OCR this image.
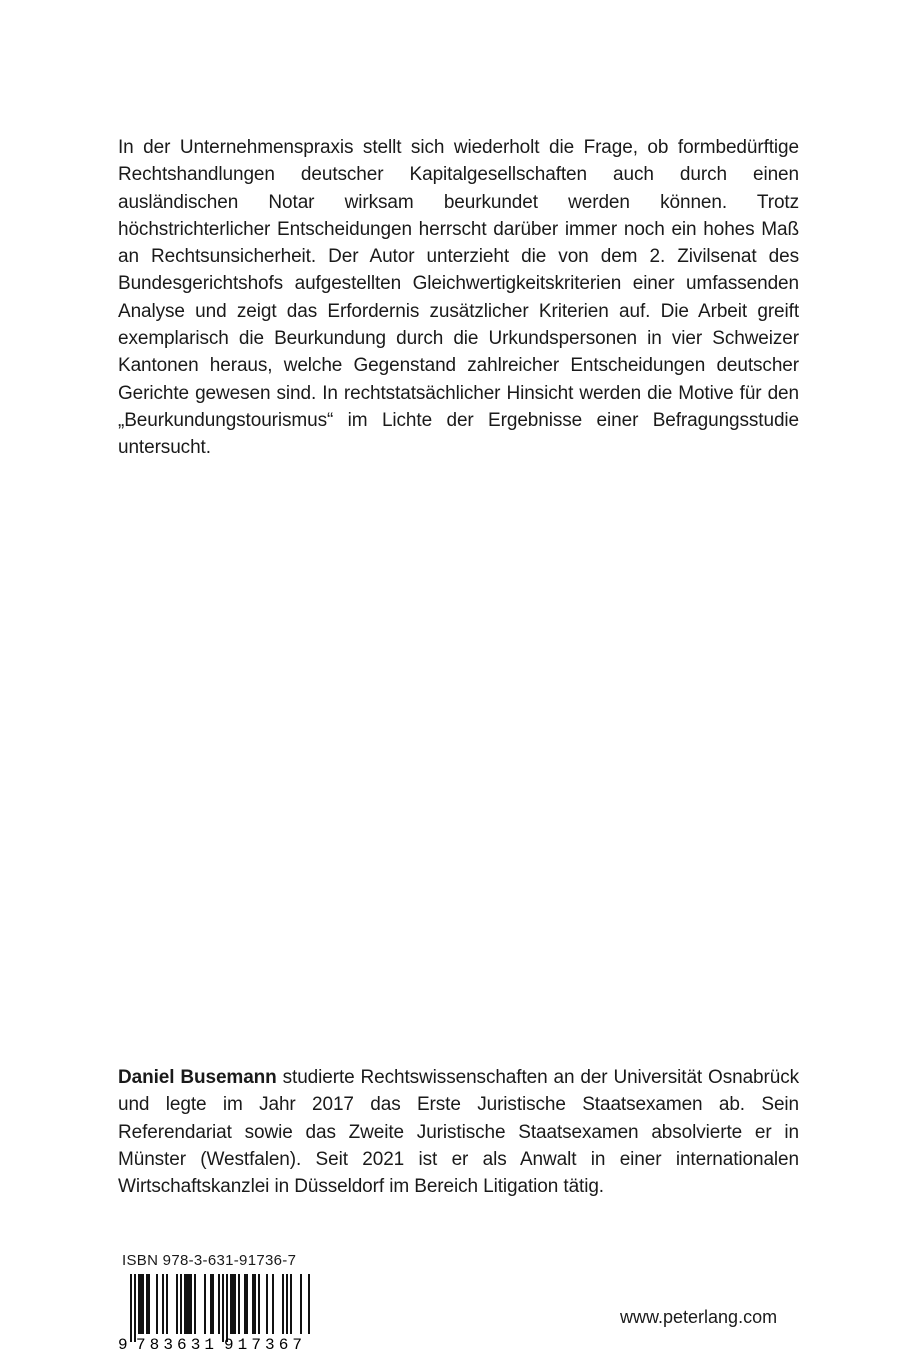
In der Unternehmenspraxis stellt sich wiederholt die Frage, ob formbedürftige Rechtshandlungen deutscher Kapitalgesellschaften auch durch einen ausländischen Notar wirksam beurkundet werden können. Trotz höchstrichterlicher Entscheidungen herrscht darüber immer noch ein hohes Maß an Rechtsunsicherheit. Der Autor unterzieht die von dem 2. Zivilsenat des Bundesgerichtshofs aufgestellten Gleichwertigkeitskriterien einer umfassenden Analyse und zeigt das Erfordernis zusätzlicher Kriterien auf. Die Arbeit greift exemplarisch die Beurkundung durch die Urkundspersonen in vier Schweizer Kantonen heraus, welche Gegenstand zahlreicher Entscheidungen deutscher Gerichte gewesen sind. In rechtstatsächlicher Hinsicht werden die Motive für den „Beurkundungstourismus“ im Lichte der Ergebnisse einer Befragungsstudie untersucht.

Daniel Busemann studierte Rechtswissenschaften an der Universität Osnabrück und legte im Jahr 2017 das Erste Juristische Staatsexamen ab. Sein Referendariat sowie das Zweite Juristische Staatsexamen absolvierte er in Münster (Westfalen). Seit 2021 ist er als Anwalt in einer internationalen Wirtschaftskanzlei in Düsseldorf im Bereich Litigation tätig.

ISBN 978-3-631-91736-7

9 783631 917367

www.peterlang.com
